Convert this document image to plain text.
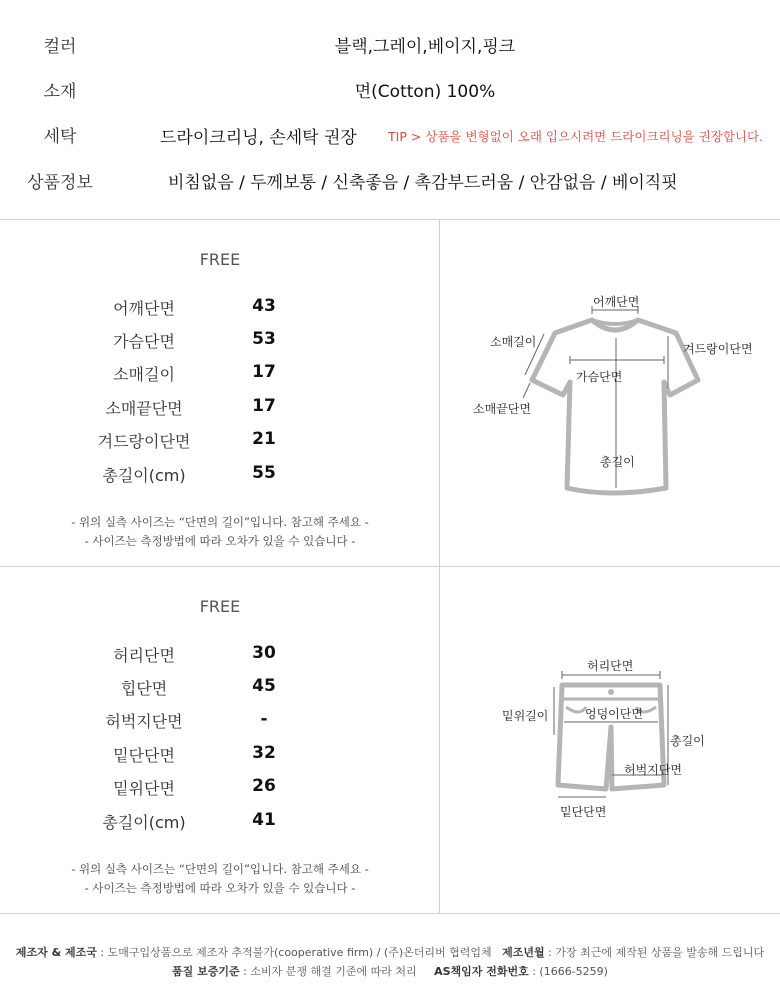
컬러	블랙,그레이,베이지,핑크
소재	면(Cotton) 100%
세탁	드라이크리닝, 손세탁 권장 TIP > 상품을 변형없이 오래 입으시려면 드라이크리닝을 권장합니다.
상품정보	비침없음 / 두께보통 / 신축좋음 / 촉감부드러움 / 안감없음 / 베이직핏
FREE
어깨단면	43
가슴단면	53
소매길이	17
소매끝단면	17
겨드랑이단면	21
총길이(cm)	55
- 위의 실측 사이즈는 “단면의 길이”입니다. 참고해 주세요 -
- 사이즈는 측정방법에 따라 오차가 있을 수 있습니다 -
어깨단면
소매길이	겨드랑이단면
가슴단면
소매끝단면
총길이
FREE
허리단면	30
힙단면	45
허벅지단면	-
밑단단면	32
밑위단면	26
총길이(cm)	41
- 위의 실측 사이즈는 “단면의 길이”입니다. 참고해 주세요 -
- 사이즈는 측정방법에 따라 오차가 있을 수 있습니다 -
허리단면
밑위길이	엉덩이단면
총길이
허벅지단면
밑단단면
제조자 & 제조국 : 도매구입상품으로 제조자 추적불가(cooperative firm) / (주)온더리버 협력업체 제조년월 : 가장 최근에 제작된 상품을 발송해 드립니다
품질 보증기준 : 소비자 분쟁 해결 기준에 따라 처리 AS책임자 전화번호 : (1666-5259)
